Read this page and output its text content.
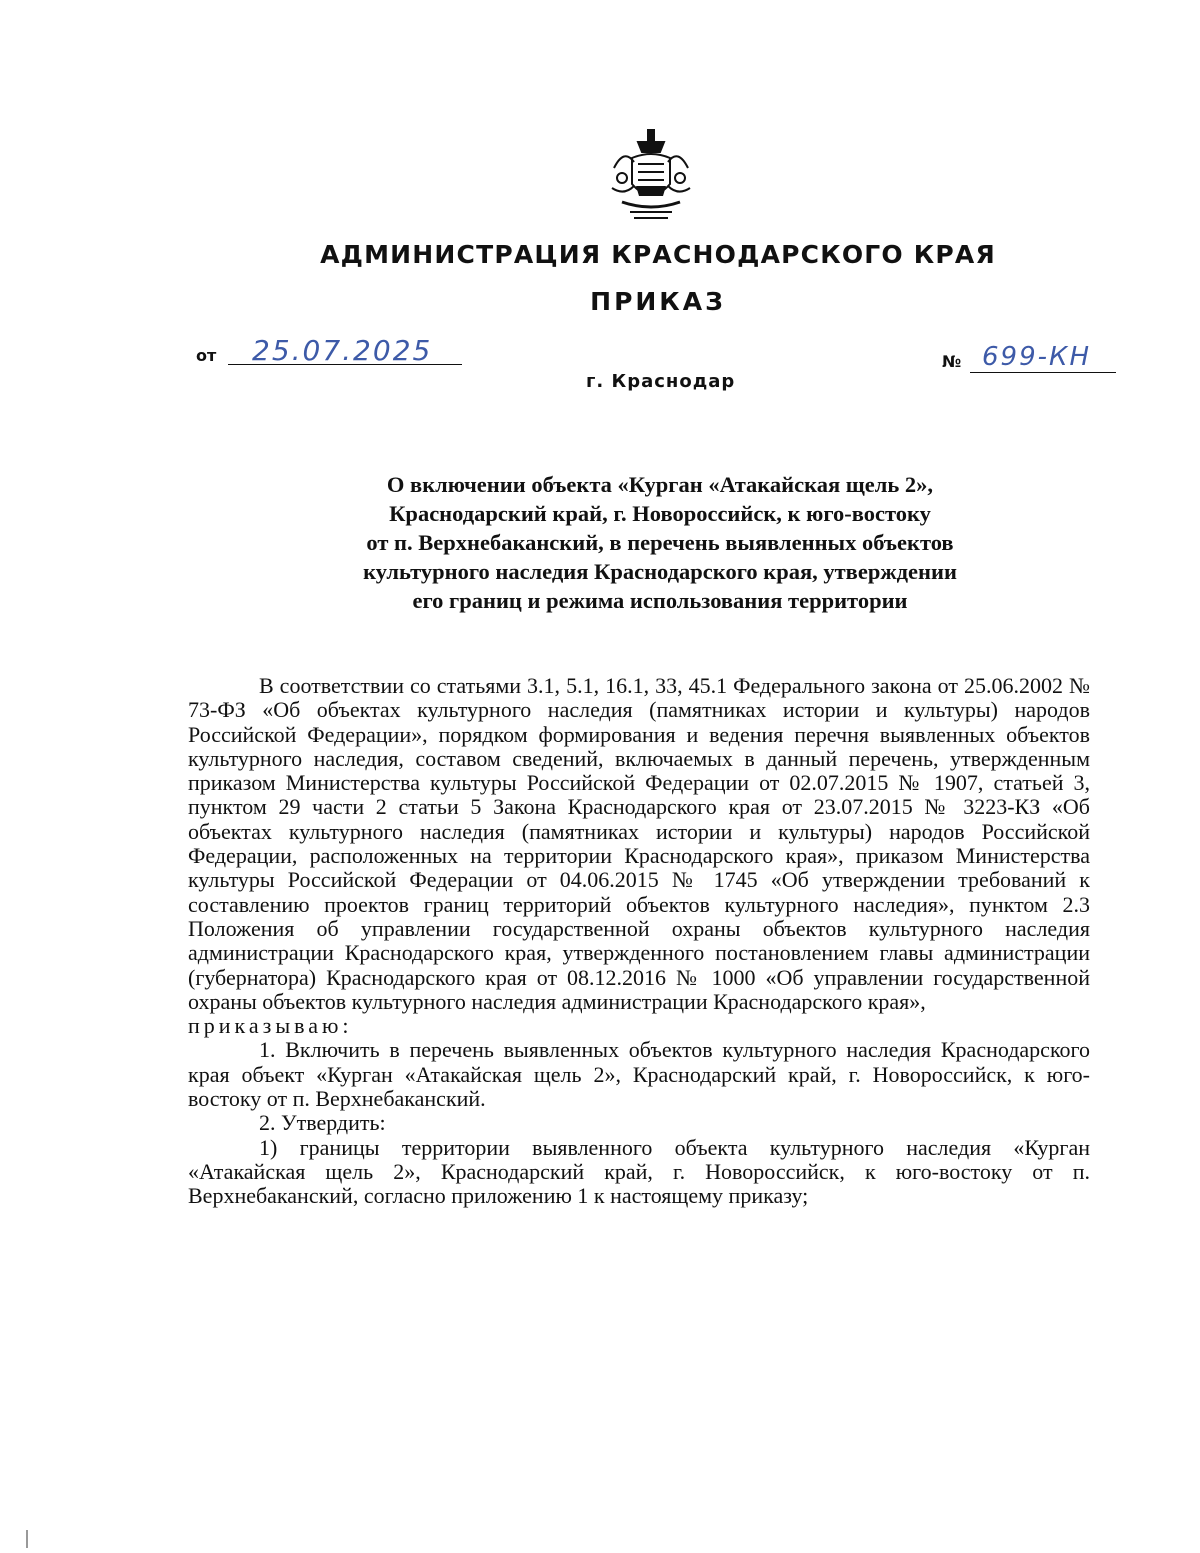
АДМИНИСТРАЦИЯ КРАСНОДАРСКОГО КРАЯ
ПРИКАЗ
от 25.07.2025
г. Краснодар
№ 699-КН
О включении объекта «Курган «Атакайская щель 2»,
Краснодарский край, г. Новороссийск, к юго-востоку
от п. Верхнебаканский, в перечень выявленных объектов
культурного наследия Краснодарского края, утверждении
его границ и режима использования территории

В соответствии со статьями 3.1, 5.1, 16.1, 33, 45.1 Федерального закона от 25.06.2002 № 73-ФЗ «Об объектах культурного наследия (памятниках истории и культуры) народов Российской Федерации», порядком формирования и ведения перечня выявленных объектов культурного наследия, составом сведений, включаемых в данный перечень, утвержденным приказом Министерства культуры Российской Федерации от 02.07.2015 № 1907, статьей 3, пунктом 29 части 2 статьи 5 Закона Краснодарского края от 23.07.2015 № 3223-КЗ «Об объектах культурного наследия (памятниках истории и культуры) народов Российской Федерации, расположенных на территории Краснодарского края», приказом Министерства культуры Российской Федерации от 04.06.2015 № 1745 «Об утверждении требований к составлению проектов границ территорий объектов культурного наследия», пунктом 2.3 Положения об управлении государственной охраны объектов культурного наследия администрации Краснодарского края, утвержденного постановлением главы администрации (губернатора) Краснодарского края от 08.12.2016 № 1000 «Об управлении государственной охраны объектов культурного наследия администрации Краснодарского края»,

приказываю:

1. Включить в перечень выявленных объектов культурного наследия Краснодарского края объект «Курган «Атакайская щель 2», Краснодарский край, г. Новороссийск, к юго-востоку от п. Верхнебаканский.

2. Утвердить:

1) границы территории выявленного объекта культурного наследия «Курган «Атакайская щель 2», Краснодарский край, г. Новороссийск, к юго-востоку от п. Верхнебаканский, согласно приложению 1 к настоящему приказу;
